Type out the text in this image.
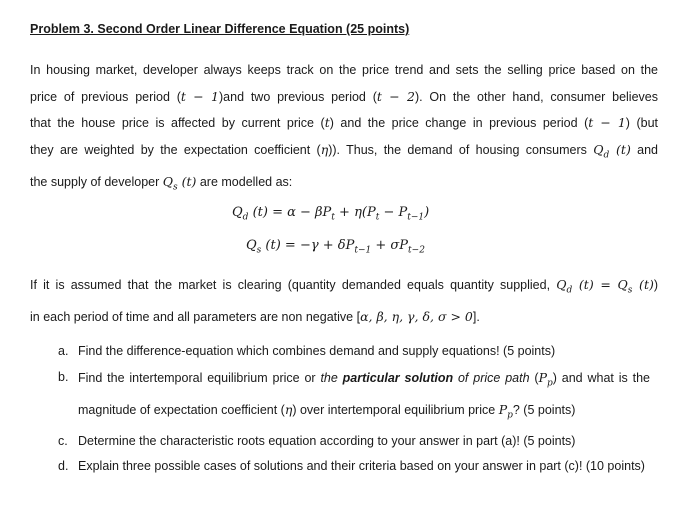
Problem 3. Second Order Linear Difference Equation (25 points)
In housing market, developer always keeps track on the price trend and sets the selling price based on the
price of previous period (t − 1)and two previous period (t − 2). On the other hand, consumer believes
that the house price is affected by current price (t) and the price change in previous period (t − 1) (but
they are weighted by the expectation coefficient (η)). Thus, the demand of housing consumers $Q_d$ (t) and
the supply of developer $Q_s$ (t) are modelled as:
$Q_d$ $(t) = \alpha - \beta P_t + \eta(P_t - P_{t-1})$
$Q_s$ $(t) = -\gamma + \delta P_{t-1} + \sigma P_{t-2}$
If it is assumed that the market is clearing (quantity demanded equals quantity supplied, $Q_d$ $(t) = Q_s$ (t))
in each period of time and all parameters are non negative [α, β, η, γ, δ, σ > 0].
a. Find the difference-equation which combines demand and supply equations! (5 points)
b. Find the intertemporal equilibrium price or the particular solution of price path $(P_p)$ and what is the magnitude of expectation coefficient (η) over intertemporal equilibrium price $P_p$? (5 points)
c. Determine the characteristic roots equation according to your answer in part (a)! (5 points)
d. Explain three possible cases of solutions and their criteria based on your answer in part (c)! (10 points)
